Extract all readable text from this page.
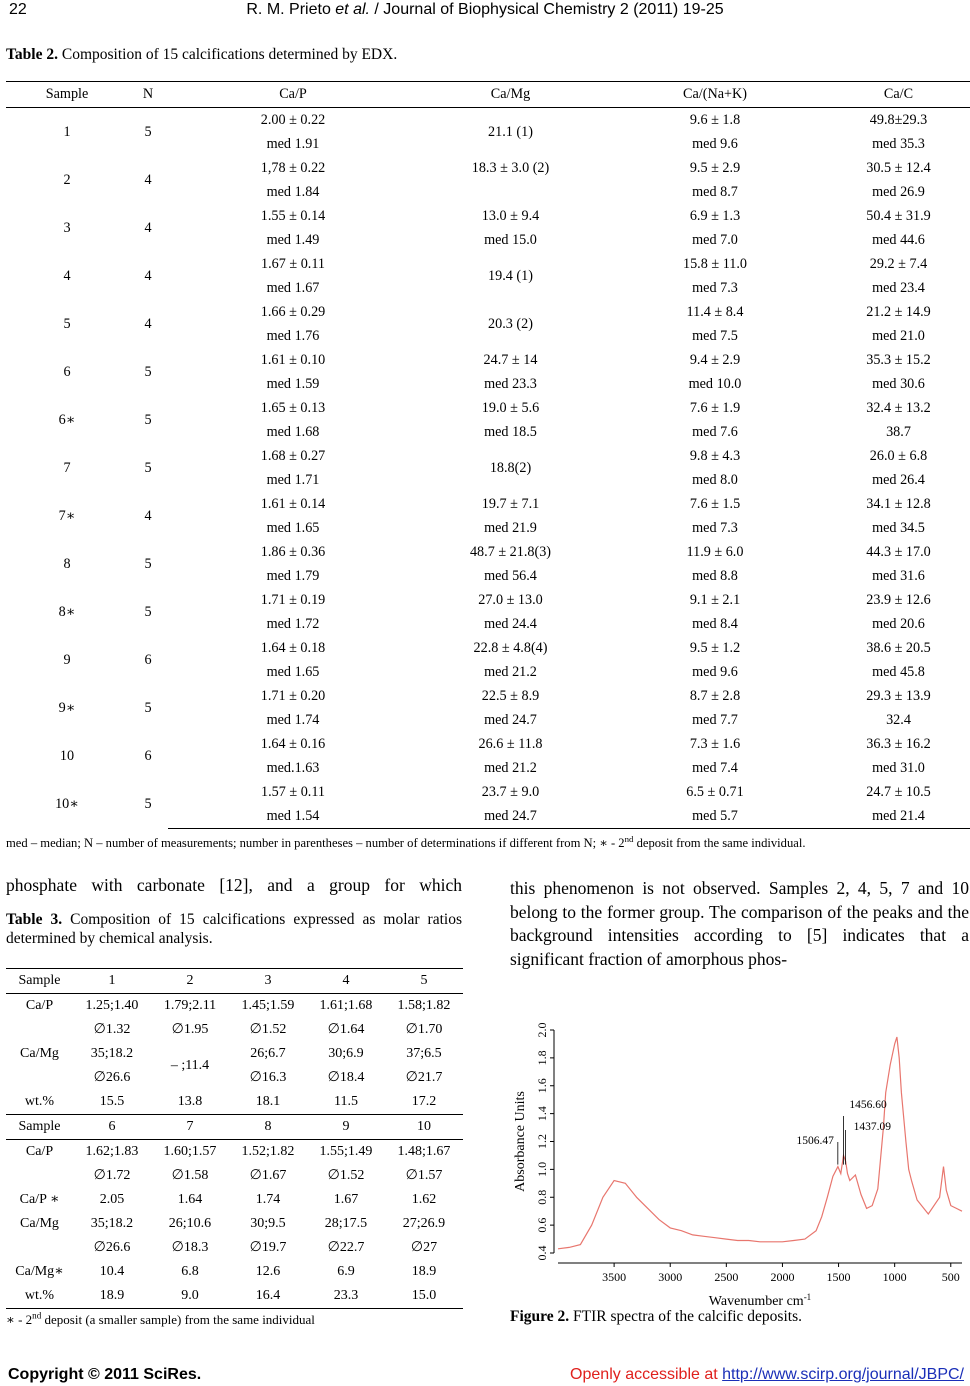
22	R. M. Prieto et al. / Journal of Biophysical Chemistry 2 (2011) 19-25
Table 2. Composition of 15 calcifications determined by EDX.
Sample	N	Ca/P	Ca/Mg	Ca/(Na+K)	Ca/C
1	5	2.00 ± 0.22	21.1 (1)	9.6 ± 1.8	49.8±29.3
		med 1.91		med 9.6	med 35.3
2	4	1,78 ± 0.22	18.3 ± 3.0 (2)	9.5 ± 2.9	30.5 ± 12.4
		med 1.84		med 8.7	med 26.9
3	4	1.55 ± 0.14	13.0 ± 9.4	6.9 ± 1.3	50.4 ± 31.9
		med 1.49	med 15.0	med 7.0	med 44.6
4	4	1.67 ± 0.11	19.4 (1)	15.8 ± 11.0	29.2 ± 7.4
		med 1.67		med 7.3	med 23.4
5	4	1.66 ± 0.29	20.3 (2)	11.4 ± 8.4	21.2 ± 14.9
		med 1.76		med 7.5	med 21.0
6	5	1.61 ± 0.10	24.7 ± 14	9.4 ± 2.9	35.3 ± 15.2
		med 1.59	med 23.3	med 10.0	med 30.6
6∗	5	1.65 ± 0.13	19.0 ± 5.6	7.6 ± 1.9	32.4 ± 13.2
		med 1.68	med 18.5	med 7.6	38.7
7	5	1.68 ± 0.27	18.8(2)	9.8 ± 4.3	26.0 ± 6.8
		med 1.71		med 8.0	med 26.4
7∗	4	1.61 ± 0.14	19.7 ± 7.1	7.6 ± 1.5	34.1 ± 12.8
		med 1.65	med 21.9	med 7.3	med 34.5
8	5	1.86 ± 0.36	48.7 ± 21.8(3)	11.9 ± 6.0	44.3 ± 17.0
		med 1.79	med 56.4	med 8.8	med 31.6
8∗	5	1.71 ± 0.19	27.0 ± 13.0	9.1 ± 2.1	23.9 ± 12.6
		med 1.72	med 24.4	med 8.4	med 20.6
9	6	1.64 ± 0.18	22.8 ± 4.8(4)	9.5 ± 1.2	38.6 ± 20.5
		med 1.65	med 21.2	med 9.6	med 45.8
9∗	5	1.71 ± 0.20	22.5 ± 8.9	8.7 ± 2.8	29.3 ± 13.9
		med 1.74	med 24.7	med 7.7	32.4
10	6	1.64 ± 0.16	26.6 ± 11.8	7.3 ± 1.6	36.3 ± 16.2
		med.1.63	med 21.2	med 7.4	med 31.0
10∗	5	1.57 ± 0.11	23.7 ± 9.0	6.5 ± 0.71	24.7 ± 10.5
		med 1.54	med 24.7	med 5.7	med 21.4
med – median; N – number of measurements; number in parentheses – number of determinations if different from N; ∗ - 2nd deposit from the same individual.
phosphate with carbonate [12], and a group for which
Table 3. Composition of 15 calcifications expressed as molar ratios determined by chemical analysis.
Sample	1	2	3	4	5
Ca/P	1.25;1.40	1.79;2.11	1.45;1.59	1.61;1.68	1.58;1.82
	∅1.32	∅1.95	∅1.52	∅1.64	∅1.70
Ca/Mg	35;18.2	– ;11.4	26;6.7	30;6.9	37;6.5
	∅26.6		∅16.3	∅18.4	∅21.7
wt.%	15.5	13.8	18.1	11.5	17.2
Sample	6	7	8	9	10
Ca/P	1.62;1.83	1.60;1.57	1.52;1.82	1.55;1.49	1.48;1.67
	∅1.72	∅1.58	∅1.67	∅1.52	∅1.57
Ca/P ∗	2.05	1.64	1.74	1.67	1.62
Ca/Mg	35;18.2	26;10.6	30;9.5	28;17.5	27;26.9
	∅26.6	∅18.3	∅19.7	∅22.7	∅27
Ca/Mg∗	10.4	6.8	12.6	6.9	18.9
wt.%	18.9	9.0	16.4	23.3	15.0
∗ - 2nd deposit (a smaller sample) from the same individual
this phenomenon is not observed. Samples 2, 4, 5, 7 and 10 belong to the former group. The comparison of the peaks and the background intensities according to [5] indicates that a significant fraction of amorphous phos-
0.4
0.6
0.8
1.0
1.2
1.4
1.6
1.8
2.0
3500	3000	2500	2000	1500	1000	500
Wavenumber $cm^{-1}$
Absorbance Units	1506.47
1456.60
1437.09
Figure 2. FTIR spectra of the calcific deposits.
Copyright © 2011 SciRes.	Openly accessible at http://www.scirp.org/journal/JBPC/
